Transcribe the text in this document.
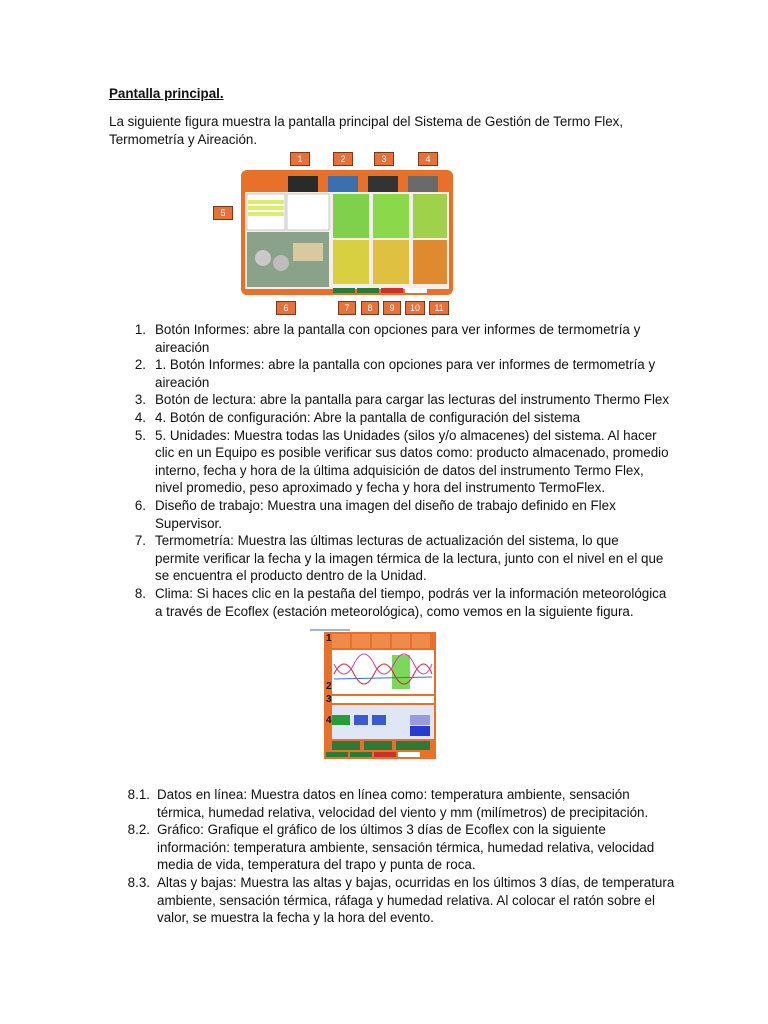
Pantalla principal.
La siguiente figura muestra la pantalla principal del Sistema de Gestión de Termo Flex,
Termometría y Aireación.
1	2	3	4
5
6	7	8	9	10	11
1. Botón Informes: abre la pantalla con opciones para ver informes de termometría y
aireación
2. 1. Botón Informes: abre la pantalla con opciones para ver informes de termometría y
aireación
3. Botón de lectura: abre la pantalla para cargar las lecturas del instrumento Thermo Flex
4. 4. Botón de configuración: Abre la pantalla de configuración del sistema
5. 5. Unidades: Muestra todas las Unidades (silos y/o almacenes) del sistema. Al hacer
clic en un Equipo es posible verificar sus datos como: producto almacenado, promedio
interno, fecha y hora de la última adquisición de datos del instrumento Termo Flex,
nivel promedio, peso aproximado y fecha y hora del instrumento TermoFlex.
6. Diseño de trabajo: Muestra una imagen del diseño de trabajo definido en Flex
Supervisor.
7. Termometría: Muestra las últimas lecturas de actualización del sistema, lo que
permite verificar la fecha y la imagen térmica de la lectura, junto con el nivel en el que
se encuentra el producto dentro de la Unidad.
8. Clima: Si haces clic en la pestaña del tiempo, podrás ver la información meteorológica
a través de Ecoflex (estación meteorológica), como vemos en la siguiente figura.
1
2
3
4
8.1. Datos en línea: Muestra datos en línea como: temperatura ambiente, sensación
térmica, humedad relativa, velocidad del viento y mm (milímetros) de precipitación.
8.2. Gráfico: Grafique el gráfico de los últimos 3 días de Ecoflex con la siguiente
información: temperatura ambiente, sensación térmica, humedad relativa, velocidad
media de vida, temperatura del trapo y punta de roca.
8.3. Altas y bajas: Muestra las altas y bajas, ocurridas en los últimos 3 días, de temperatura
ambiente, sensación térmica, ráfaga y humedad relativa. Al colocar el ratón sobre el
valor, se muestra la fecha y la hora del evento.
